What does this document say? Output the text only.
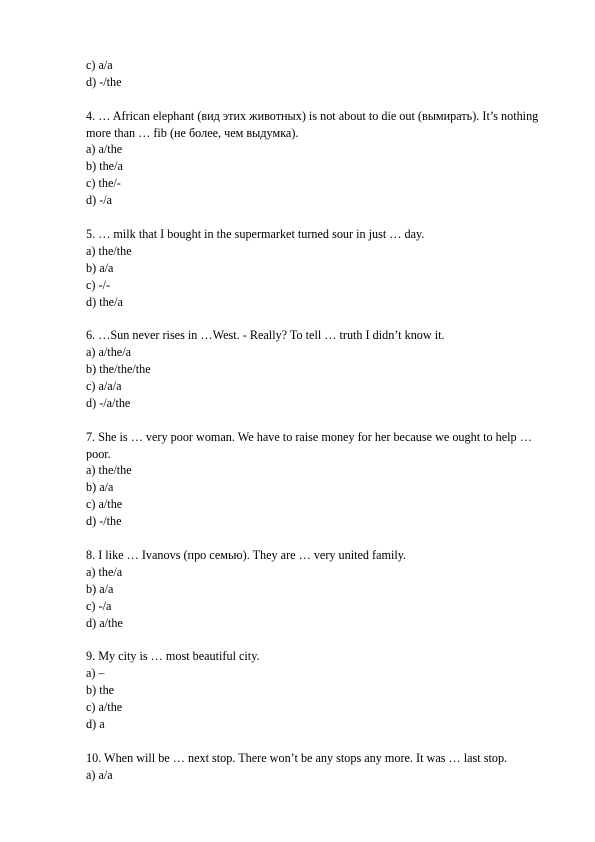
c) a/a
d) -/the
4. … African elephant (вид этих животных) is not about to die out (вымирать). It’s nothing more than … fib (не более, чем выдумка).
a) a/the
b) the/a
c) the/-
d) -/a
5. … milk that I bought in the supermarket turned sour in just … day.
a) the/the
b) a/a
c) -/-
d) the/a
6. …Sun never rises in …West. - Really? To tell … truth I didn’t know it.
a) a/the/a
b) the/the/the
c) a/a/a
d) -/a/the
7. She is … very poor woman. We have to raise money for her because we ought to help … poor.
a) the/the
b) a/a
c) a/the
d) -/the
8. I like … Ivanovs (про семью). They are … very united family.
a) the/a
b) a/a
c) -/a
d) a/the
9. My city is … most beautiful city.
a) –
b) the
c) a/the
d) a
10. When will be … next stop. There won’t be any stops any more. It was … last stop.
a) a/a
